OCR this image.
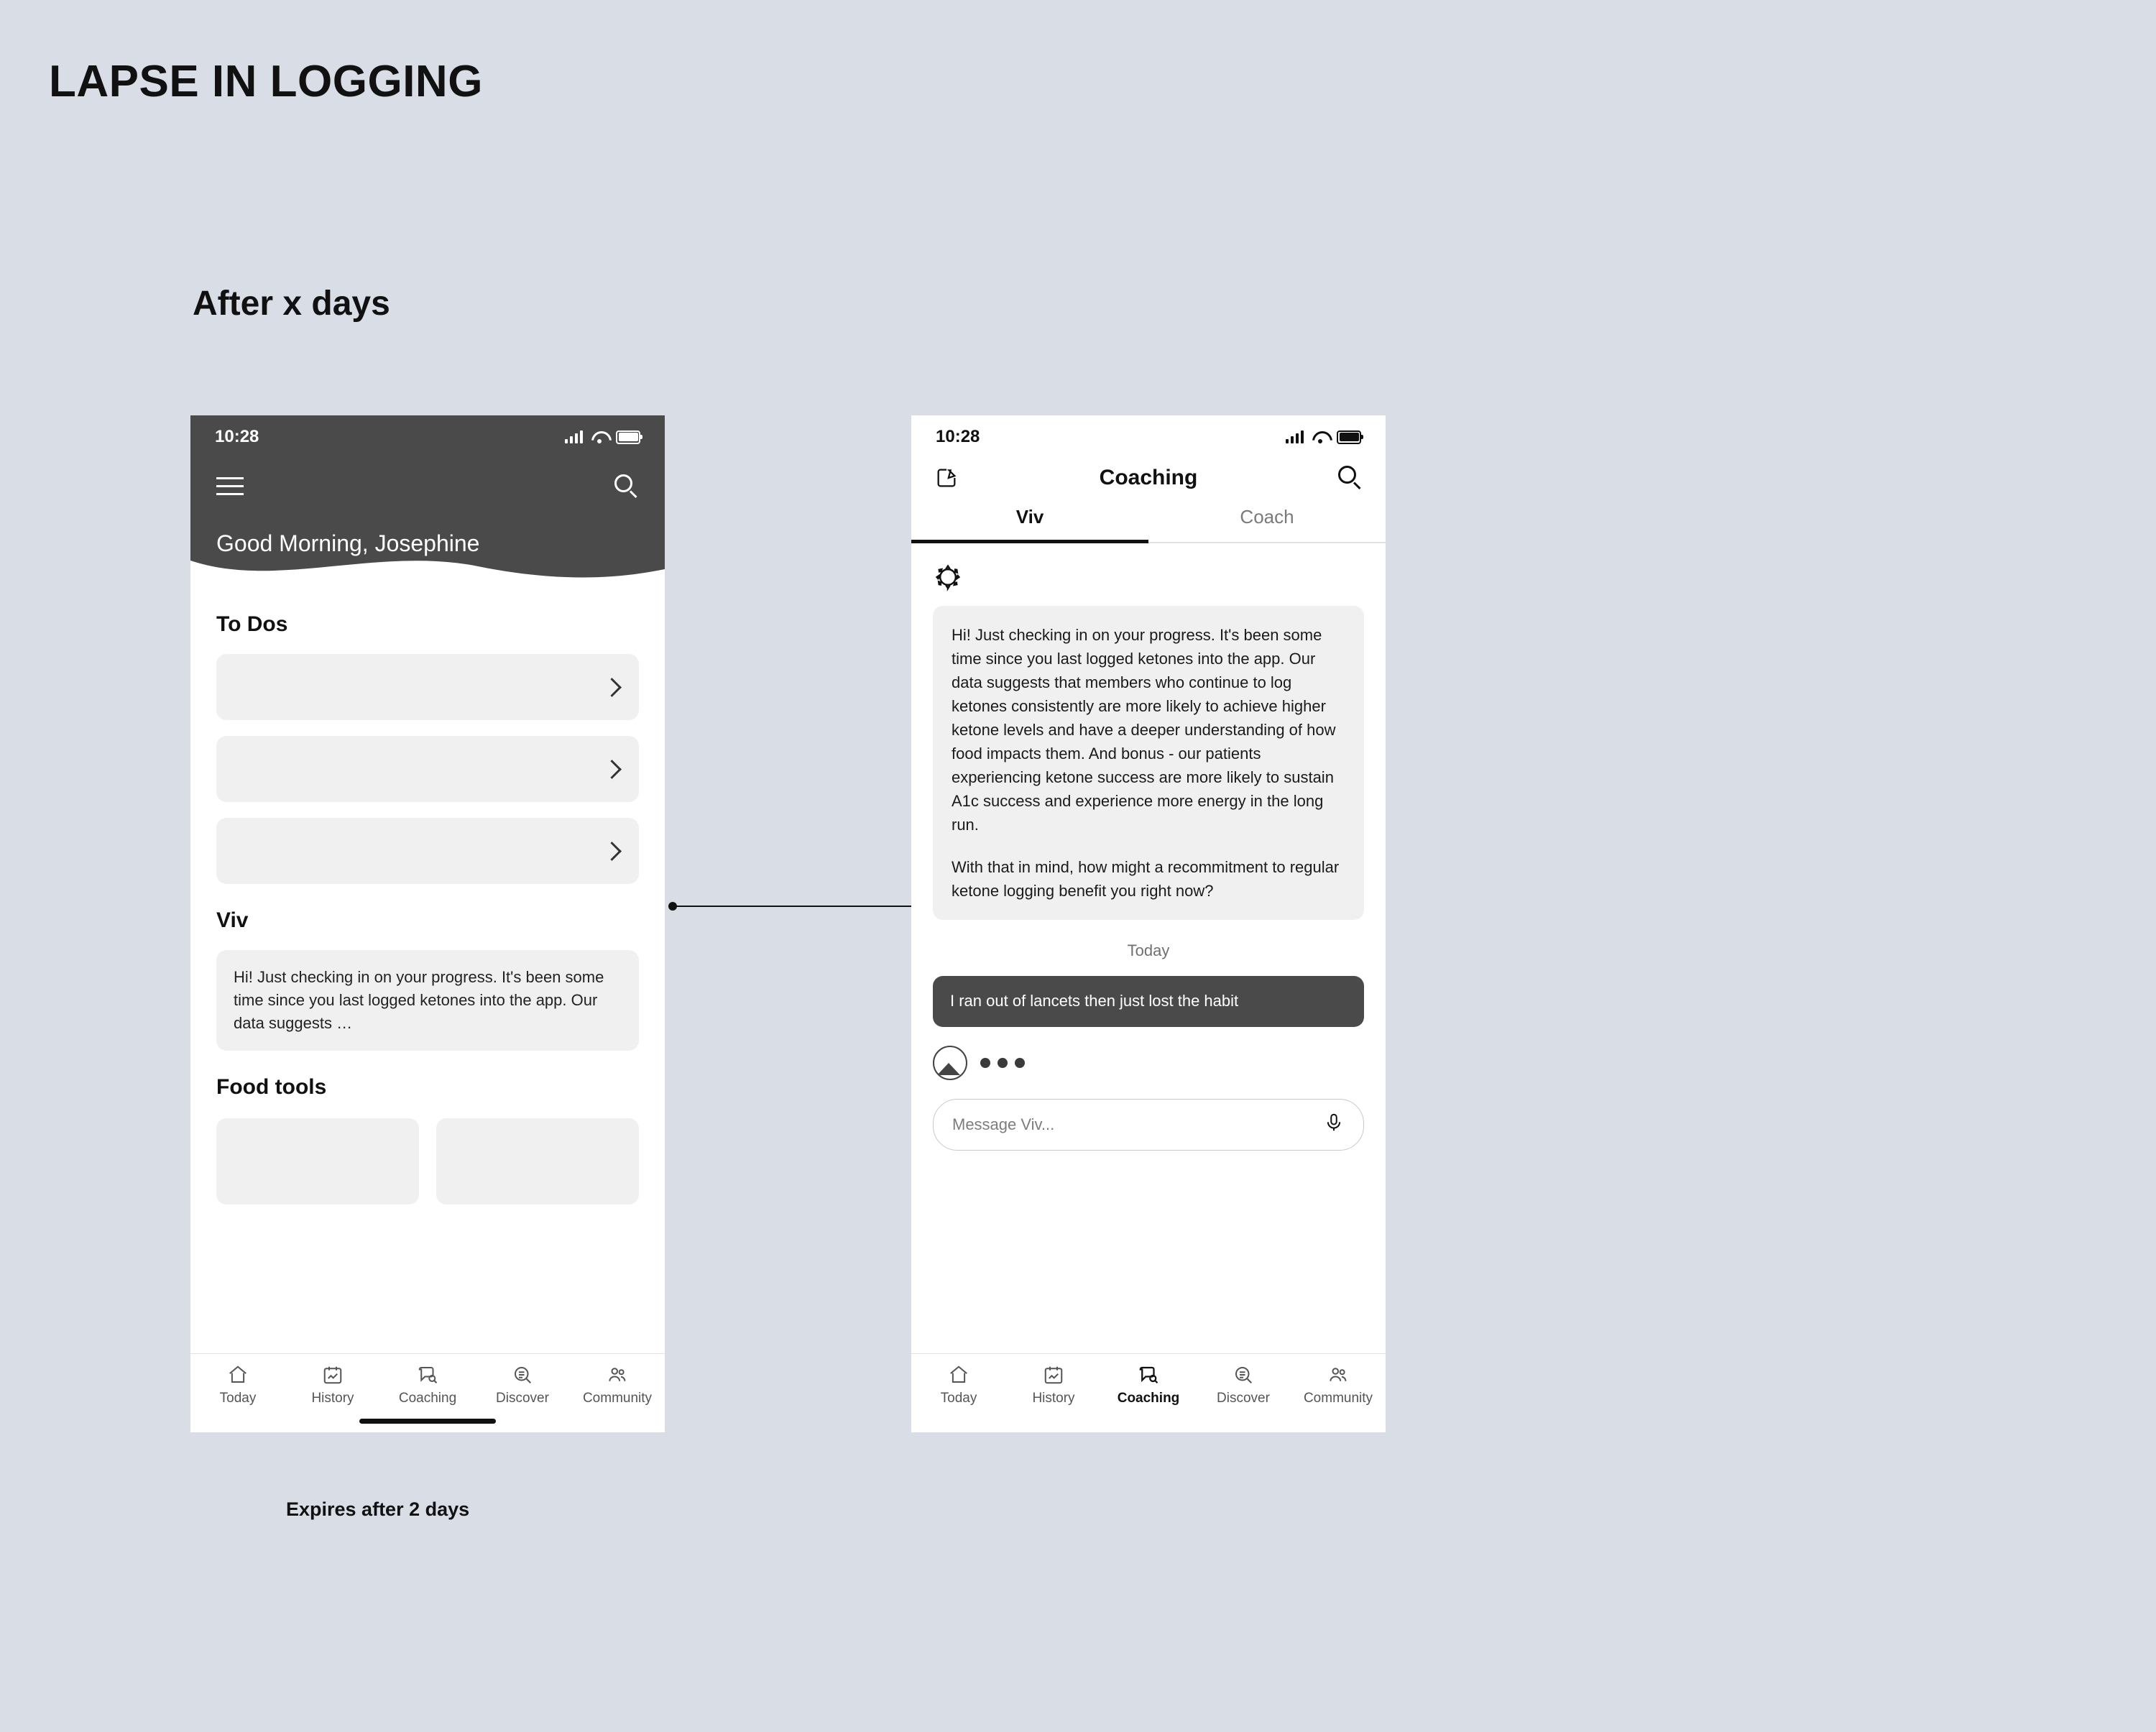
LAPSE IN LOGGING
After x days
Expires after 2 days
10:28
Good Morning, Josephine
To Dos
Viv
Hi! Just checking in on your progress. It's been some time since you last logged ketones into the app. Our data suggests …
Food tools
Today	History	Coaching	Discover Community
10:28
Coaching
Viv	Coach

Hi! Just checking in on your progress. It's been some time since you last logged ketones into the app. Our data suggests that members who continue to log ketones consistently are more likely to achieve higher ketone levels and have a deeper understanding of how food impacts them. And bonus - our patients experiencing ketone success are more likely to sustain A1c success and experience more energy in the long run.

With that in mind, how might a recommitment to regular ketone logging benefit you right now?

Today
I ran out of lancets then just lost the habit
Message Viv...
Today	History	Coaching	Discover Community
